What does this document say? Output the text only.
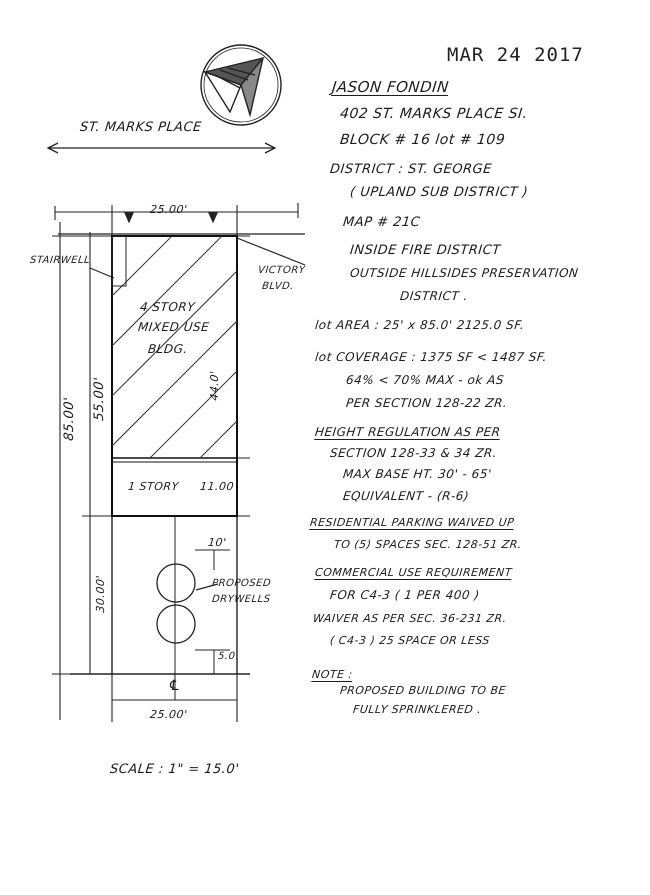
MAR 24 2017
ST. MARKS PLACE
25.00'
STAIRWELL
VICTORY
BLVD.
4 STORY
MIXED USE
BLDG.
44.0'
1 STORY 11.00
85.00' 55.00'
30.00'
10'
5.0
PROPOSED
DRYWELLS
℄
25.00'
SCALE : 1" = 15.0'
JASON FONDIN
402 ST. MARKS PLACE SI.
BLOCK # 16 lot # 109
DISTRICT : ST. GEORGE
( UPLAND SUB DISTRICT )
MAP # 21C
INSIDE FIRE DISTRICT
OUTSIDE HILLSIDES PRESERVATION
DISTRICT .
lot AREA : 25' x 85.0' 2125.0 SF.
lot COVERAGE : 1375 SF < 1487 SF.
64% < 70% MAX - ok AS
PER SECTION 128-22 ZR.
HEIGHT REGULATION AS PER
SECTION 128-33 & 34 ZR.
MAX BASE HT. 30' - 65'
EQUIVALENT - (R-6)
RESIDENTIAL PARKING WAIVED UP
TO (5) SPACES SEC. 128-51 ZR.
COMMERCIAL USE REQUIREMENT
FOR C4-3 ( 1 PER 400 )
WAIVER AS PER SEC. 36-231 ZR.
( C4-3 ) 25 SPACE OR LESS
NOTE :
PROPOSED BUILDING TO BE
FULLY SPRINKLERED .
